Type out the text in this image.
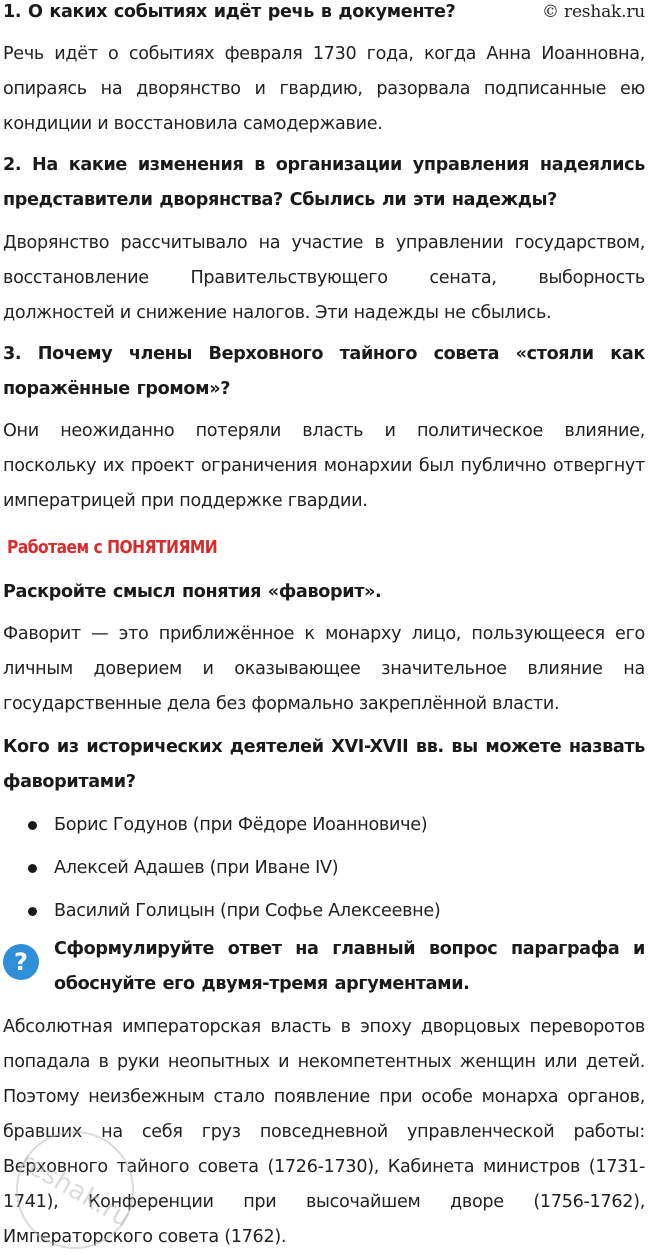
© reshak.ru
1. О каких событиях идёт речь в документе?
Речь идёт о событиях февраля 1730 года, когда Анна Иоанновна, опираясь на дворянство и гвардию, разорвала подписанные ею кондиции и восстановила самодержавие.
2. На какие изменения в организации управления надеялись представители дворянства? Сбылись ли эти надежды?
Дворянство рассчитывало на участие в управлении государством, восстановление Правительствующего сената, выборность должностей и снижение налогов. Эти надежды не сбылись.
3. Почему члены Верховного тайного совета «стояли как поражённые громом»?
Они неожиданно потеряли власть и политическое влияние, поскольку их проект ограничения монархии был публично отвергнут императрицей при поддержке гвардии.
Работаем с ПОНЯТИЯМИ
Раскройте смысл понятия «фаворит».
Фаворит — это приближённое к монарху лицо, пользующееся его личным доверием и оказывающее значительное влияние на государственные дела без формально закреплённой власти.
Кого из исторических деятелей XVI-XVII вв. вы можете назвать фаворитами?
Борис Годунов (при Фёдоре Иоанновиче)
Алексей Адашев (при Иване IV)
Василий Голицын (при Софье Алексеевне)
?	Сформулируйте ответ на главный вопрос параграфа и обоснуйте его двумя-тремя аргументами.
Абсолютная императорская власть в эпоху дворцовых переворотов попадала в руки неопытных и некомпетентных женщин или детей. Поэтому неизбежным стало появление при особе монарха органов, бравших на себя груз повседневной управленческой работы: Верховного тайного совета (1726-1730), Кабинета министров (1731-1741), Конференции при высочайшем дворе (1756-1762), Императорского совета (1762).
reshak.ru
